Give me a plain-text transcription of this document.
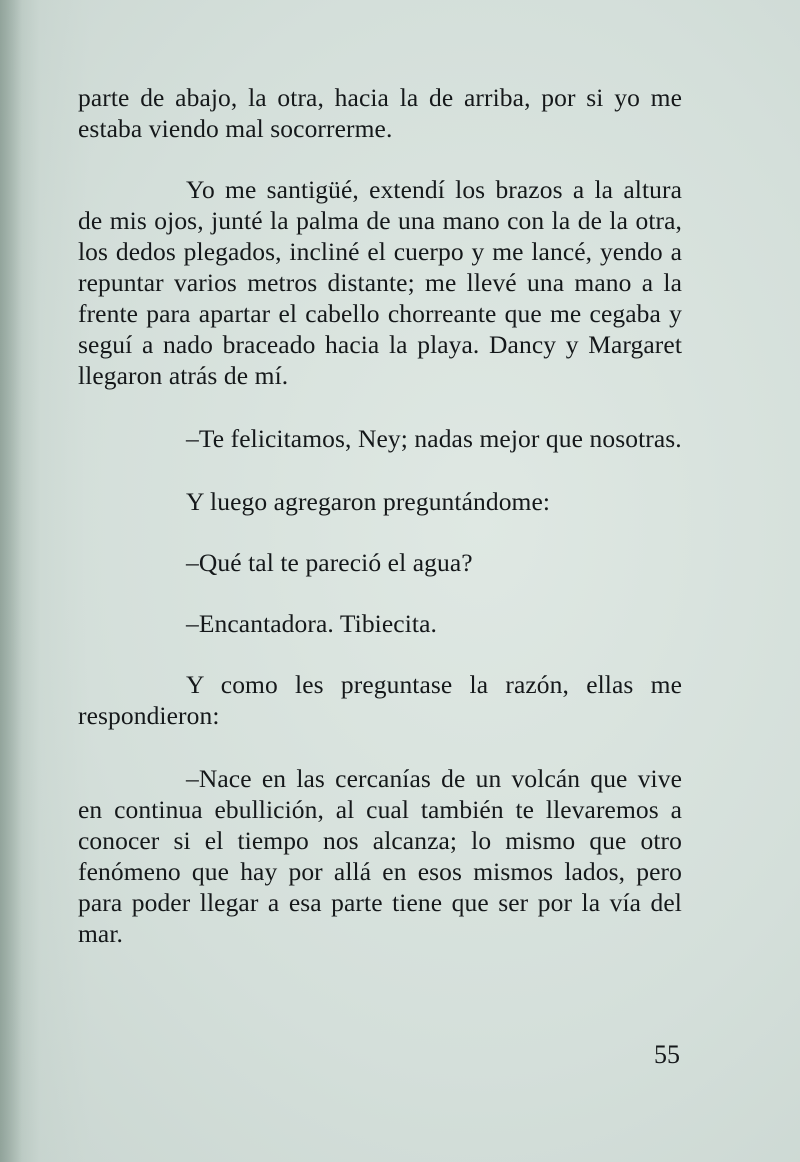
parte de abajo, la otra, hacia la de arriba, por si yo me estaba viendo mal socorrerme.

Yo me santigüé, extendí los brazos a la altura de mis ojos, junté la palma de una mano con la de la otra, los dedos plegados, incliné el cuerpo y me lancé, yendo a repuntar varios metros distante; me llevé una mano a la frente para apartar el cabello chorreante que me cegaba y seguí a nado braceado hacia la playa. Dancy y Margaret llegaron atrás de mí.

–Te felicitamos, Ney; nadas mejor que nosotras.

Y luego agregaron preguntándome:

–Qué tal te pareció el agua?

–Encantadora. Tibiecita.

Y como les preguntase la razón, ellas me respondieron:

–Nace en las cercanías de un volcán que vive en continua ebullición, al cual también te llevaremos a conocer si el tiempo nos alcanza; lo mismo que otro fenómeno que hay por allá en esos mismos lados, pero para poder llegar a esa parte tiene que ser por la vía del mar.

55
